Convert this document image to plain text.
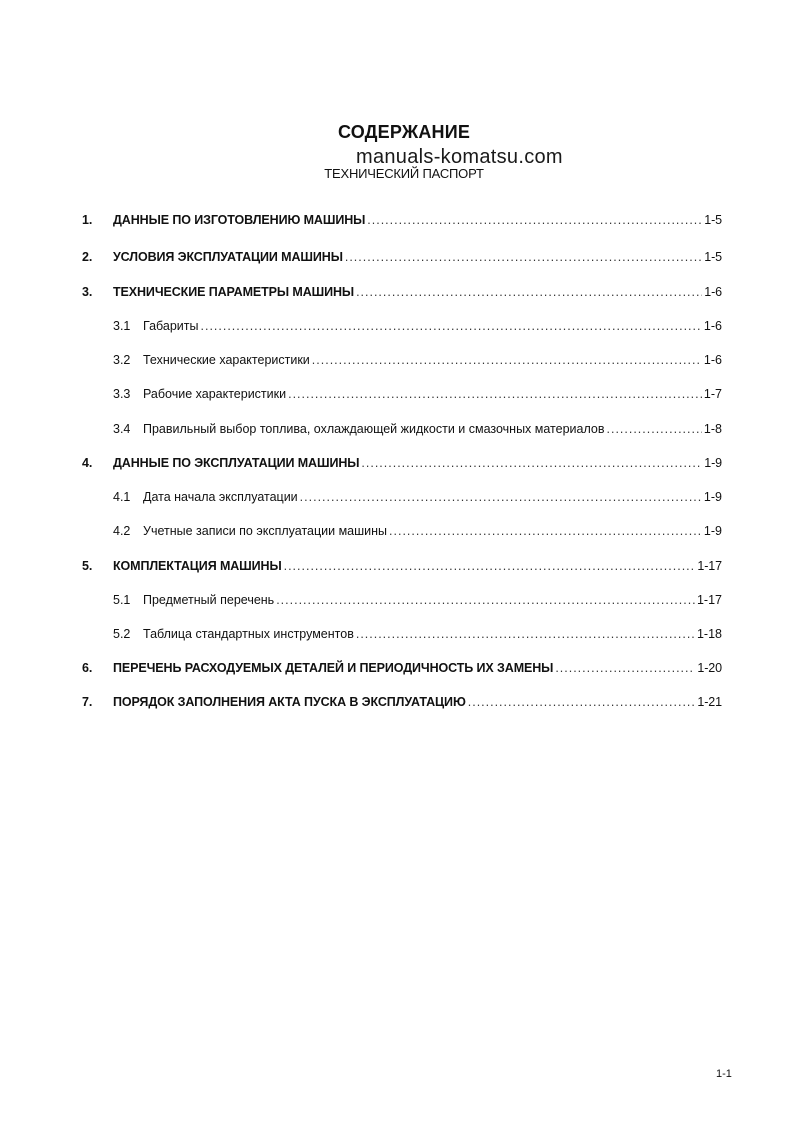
СОДЕРЖАНИЕ
manuals-komatsu.com
ТЕХНИЧЕСКИЙ ПАСПОРТ
1.	ДАННЫЕ ПО ИЗГОТОВЛЕНИЮ МАШИНЫ .....	1-5
2.	УСЛОВИЯ ЭКСПЛУАТАЦИИ МАШИНЫ .....	1-5
3.	ТЕХНИЧЕСКИЕ ПАРАМЕТРЫ МАШИНЫ .....	1-6
3.1	Габариты .....	1-6
3.2	Технические характеристики .....	1-6
3.3	Рабочие характеристики .....	1-7
3.4	Правильный выбор топлива, охлаждающей жидкости и смазочных материалов .....	1-8
4.	ДАННЫЕ ПО ЭКСПЛУАТАЦИИ МАШИНЫ .....	1-9
4.1	Дата начала эксплуатации .....	1-9
4.2	Учетные записи по эксплуатации машины .....	1-9
5.	КОМПЛЕКТАЦИЯ МАШИНЫ .....	1-17
5.1	Предметный перечень .....	1-17
5.2	Таблица стандартных инструментов .....	1-18
6.	ПЕРЕЧЕНЬ РАСХОДУЕМЫХ ДЕТАЛЕЙ И ПЕРИОДИЧНОСТЬ ИХ ЗАМЕНЫ .....	1-20
7.	ПОРЯДОК ЗАПОЛНЕНИЯ АКТА ПУСКА В ЭКСПЛУАТАЦИЮ .....	1-21
1-1
